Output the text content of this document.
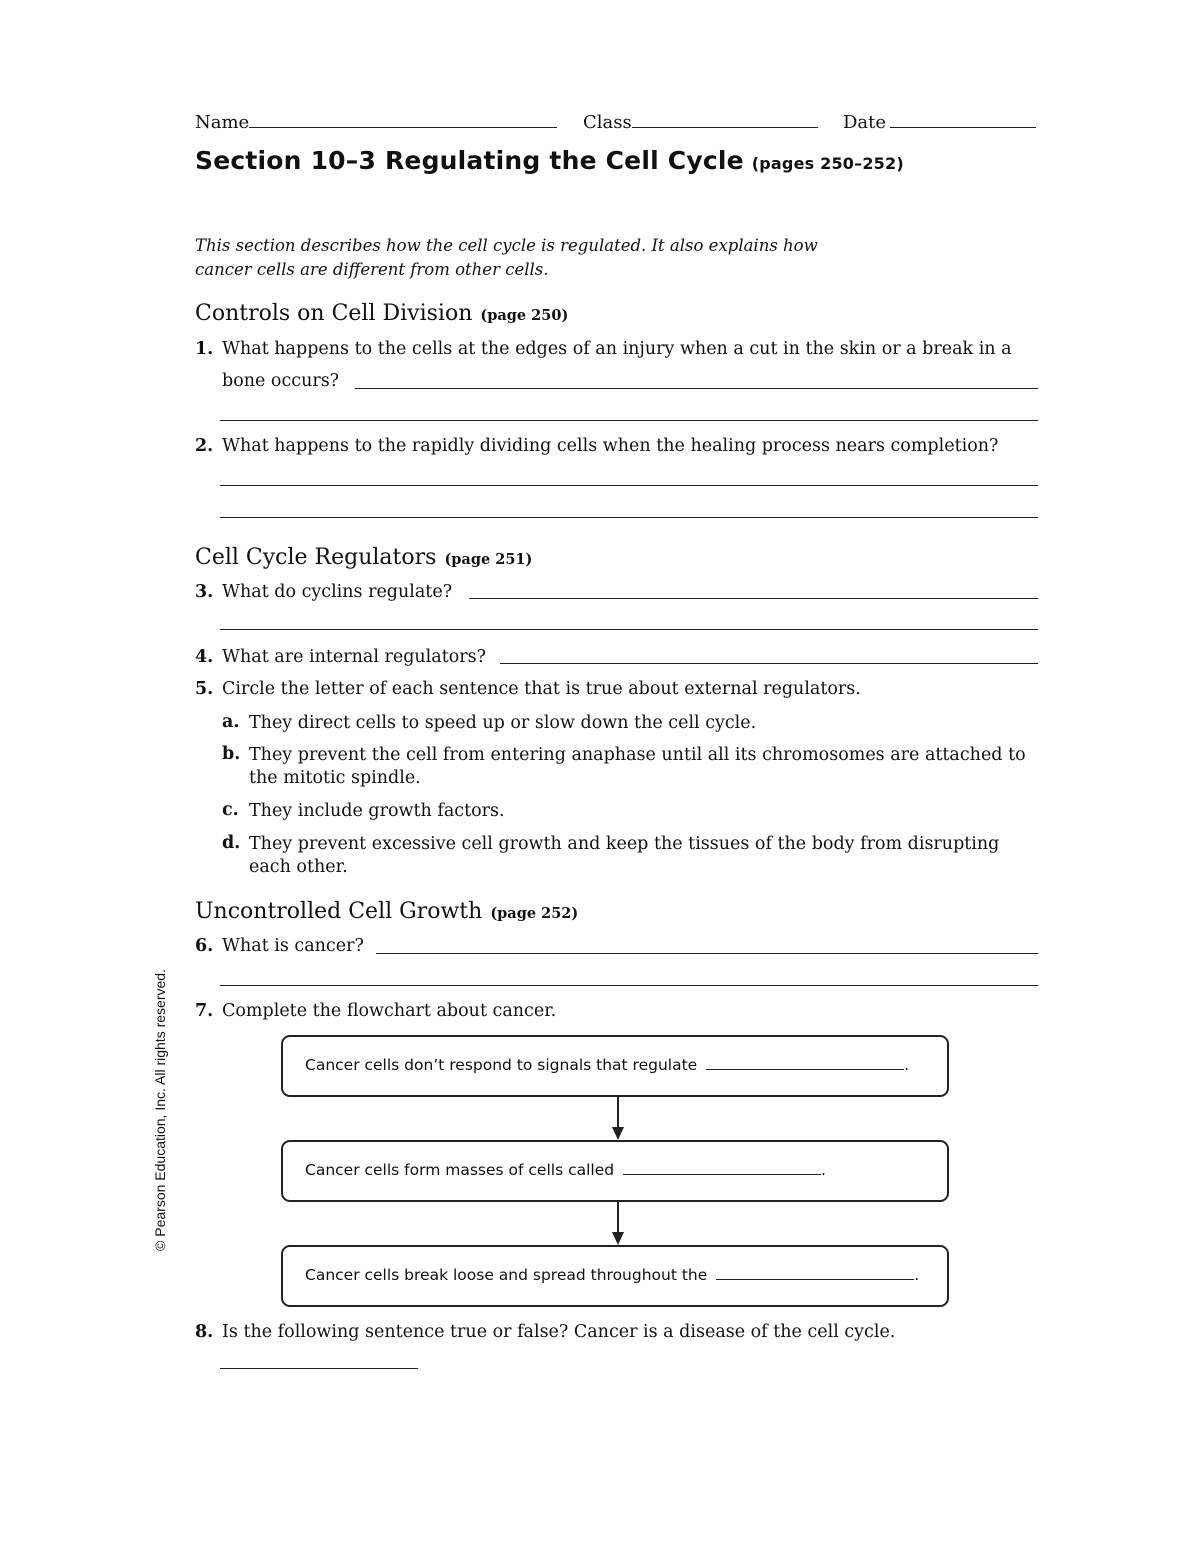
Name	Class	Date
Section 10–3 Regulating the Cell Cycle (pages 250–252)
This section describes how the cell cycle is regulated. It also explains how
cancer cells are different from other cells.
Controls on Cell Division (page 250)
1. What happens to the cells at the edges of an injury when a cut in the skin or a break in a
bone occurs?
2. What happens to the rapidly dividing cells when the healing process nears completion?
Cell Cycle Regulators (page 251)
3. What do cyclins regulate?
4. What are internal regulators?
5. Circle the letter of each sentence that is true about external regulators.
a. They direct cells to speed up or slow down the cell cycle.
b. They prevent the cell from entering anaphase until all its chromosomes are attached to the mitotic spindle.
c. They include growth factors.
d. They prevent excessive cell growth and keep the tissues of the body from disrupting each other.
Uncontrolled Cell Growth (page 252)
6. What is cancer?
7. Complete the flowchart about cancer.
Cancer cells don’t respond to signals that regulate	.
Cancer cells form masses of cells called	.
Cancer cells break loose and spread throughout the	.
8. Is the following sentence true or false? Cancer is a disease of the cell cycle.
© Pearson Education, Inc. All rights reserved.
